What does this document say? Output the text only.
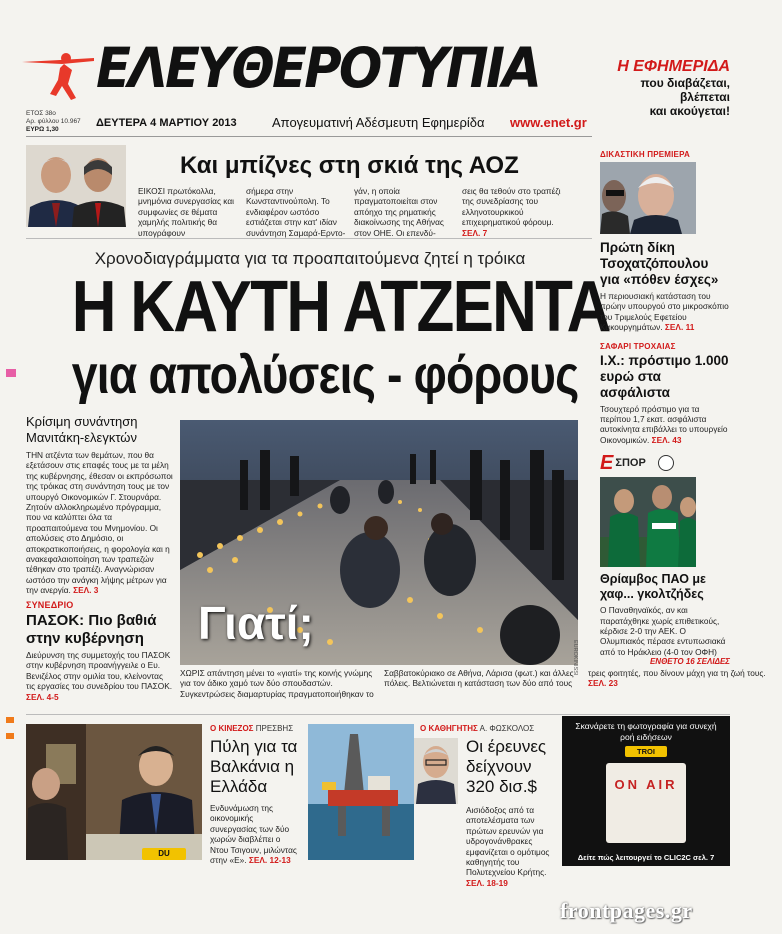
ΕΛΕΥΘΕΡΟΤΥΠΙΑ
ΕΤΟΣ 38ο
Αρ. φύλλου 10.967
ΕΥΡΩ 1,30
ΔΕΥΤΕΡΑ 4 ΜΑΡΤΙΟΥ 2013	Απογευματινή Αδέσμευτη Εφημερίδα www.enet.gr
Η ΕΦΗΜΕΡΙΔΑ
που διαβάζεται,
βλέπεται
και ακούγεται!
Και μπίζνες στη σκιά της ΑΟΖ
ΕΙΚΟΣΙ πρωτόκολλα, μνημόνια συνεργασίας και συμφωνίες σε θέματα χαμηλής πολιτικής θα υπογράφουν
σήμερα στην Κωνσταντινούπολη. Το ενδιαφέρον ωστόσο εστιάζεται στην κατ' ιδίαν συνάντηση Σαμαρά-Ερντο-
γάν, η οποία πραγματοποιείται στον απόηχο της ρηματικής διακοίνωσης της Αθήνας στον ΟΗΕ. Οι επενδύ-
σεις θα τεθούν στο τραπέζι της συνεδρίασης του ελληνοτουρκικού επιχειρηματικού φόρουμ. ΣΕΛ. 7
Χρονοδιαγράμματα για τα προαπαιτούμενα ζητεί η τρόικα
Η ΚΑΥΤΗ ΑΤΖΕΝΤΑ
για απολύσεις - φόρους
Κρίσιμη συνάντηση Μανιτάκη-ελεγκτών
ΤΗΝ ατζέντα των θεμάτων, που θα εξετάσουν στις επαφές τους με τα μέλη της κυβέρνησης, έθεσαν οι εκπρόσωποι της τρόικας στη συνάντηση τους με τον υπουργό Οικονομικών Γ. Στουρνάρα. Ζητούν αλλοκληρωμένο πρόγραμμα, που να καλύπτει όλα τα προαπαιτούμενα του Μνημονίου. Οι απολύσεις στο Δημόσιο, οι αποκρατικοποιήσεις, η φορολογία και η ανακεφαλαιοποίηση των τραπεζών τέθηκαν στο τραπέζι. Αναγνώρισαν ωστόσο την ανάγκη λήψης μέτρων για την ανεργία. ΣΕΛ. 3
ΣΥΝΕΔΡΙΟ
ΠΑΣΟΚ: Πιο βαθιά στην κυβέρνηση
Διεύρυνση της συμμετοχής του ΠΑΣΟΚ στην κυβέρνηση προανήγγειλε ο Ευ. Βενιζέλος στην ομιλία του, κλείνοντας τις εργασίες του συνεδρίου του ΠΑΣΟΚ. ΣΕΛ. 4-5
Γιατί;
EUROKINISSI
ΧΩΡΙΣ απάντηση μένει το «γιατί» της κοινής γνώμης για τον άδικο χαμό των δύο σπουδαστών. Συγκεντρώσεις διαμαρτυρίας πραγματοποιήθηκαν το Σαββατοκύριακο σε Αθήνα, Λάρισα (φωτ.) και άλλες πόλεις. Βελτιώνεται η κατάσταση των δύο από τους τρεις φοιτητές, που δίνουν μάχη για τη ζωή τους. ΣΕΛ. 23
ΔΙΚΑΣΤΙΚΗ ΠΡΕΜΙΕΡΑ
Πρώτη δίκη Τσοχατζόπουλου για «πόθεν έσχες»
Η περιουσιακή κατάσταση του πρώην υπουργού στο μικροσκόπιο του Τριμελούς Εφετείου Κακουργημάτων. ΣΕΛ. 11
ΣΑΦΑΡΙ ΤΡΟΧΑΙΑΣ
Ι.Χ.: πρόστιμο 1.000 ευρώ στα ασφάλιστα
Τσουχτερό πρόστιμο για τα περίπου 1,7 εκατ. ασφάλιστα αυτοκίνητα επιβάλλει το υπουργείο Οικονομικών. ΣΕΛ. 43
E ΣΠΟΡ
Θρίαμβος ΠΑΟ με χαφ... γκολτζήδες
Ο Παναθηναϊκός, αν και παρατάχθηκε χωρίς επιθετικούς, κέρδισε 2-0 την ΑΕΚ. Ο Ολυμπιακός πέρασε εντυπωσιακά από το Ηράκλειο (4-0 τον ΟΦΗ)
ΕΝΘΕΤΟ 16 ΣΕΛΙΔΕΣ
DU
Ο ΚΙΝΕΖΟΣ ΠΡΕΣΒΗΣ
Πύλη για τα Βαλκάνια η Ελλάδα
Ενδυνάμωση της οικονομικής συνεργασίας των δύο χωρών διαβλέπει ο Ντου Τσιγουν, μιλώντας στην «Ε». ΣΕΛ. 12-13
Ο ΚΑΘΗΓΗΤΗΣ Α. ΦΩΣΚΟΛΟΣ
Οι έρευνες δείχνουν 320 δισ.$
Αισιόδοξος από τα αποτελέσματα των πρώτων ερευνών για υδρογονάνθρακες εμφανίζεται ο ομότιμος καθηγητής του Πολυτεχνείου Κρήτης. ΣΕΛ. 18-19
Σκανάρετε τη φωτογραφία για συνεχή ροή ειδήσεων
TROI
ON AIR
Δείτε πώς λειτουργεί το CLIC2C σελ. 7
frontpages.gr
